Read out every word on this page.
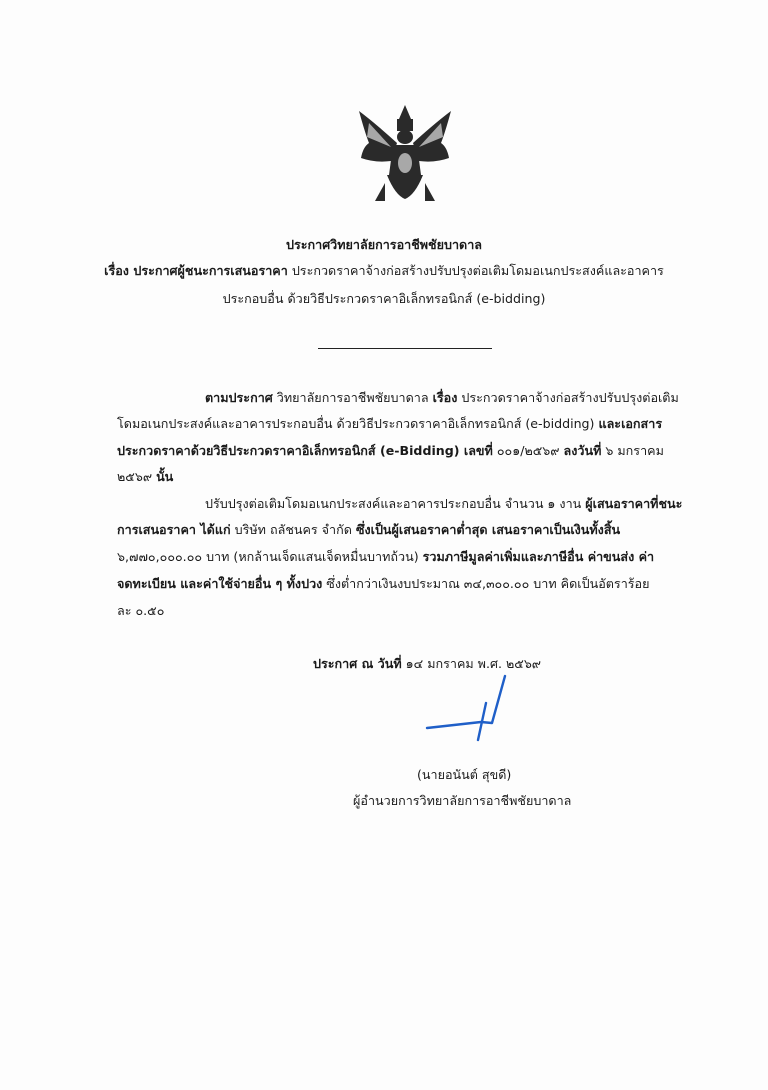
ประกาศวิทยาลัยการอาชีพชัยบาดาล
เรื่อง ประกาศผู้ชนะการเสนอราคา ประกวดราคาจ้างก่อสร้างปรับปรุงต่อเติมโดมอเนกประสงค์และอาคาร
ประกอบอื่น ด้วยวิธีประกวดราคาอิเล็กทรอนิกส์ (e-bidding)
ตามประกาศ วิทยาลัยการอาชีพชัยบาดาล เรื่อง ประกวดราคาจ้างก่อสร้างปรับปรุงต่อเติม
โดมอเนกประสงค์และอาคารประกอบอื่น ด้วยวิธีประกวดราคาอิเล็กทรอนิกส์ (e-bidding) และเอกสาร
ประกวดราคาด้วยวิธีประกวดราคาอิเล็กทรอนิกส์ (e-Bidding) เลขที่ ๐๐๑/๒๕๖๙ ลงวันที่ ๖ มกราคม
๒๕๖๙ นั้น
ปรับปรุงต่อเติมโดมอเนกประสงค์และอาคารประกอบอื่น จำนวน ๑ งาน ผู้เสนอราคาที่ชนะ
การเสนอราคา ได้แก่ บริษัท ถลัชนคร จำกัด ซึ่งเป็นผู้เสนอราคาต่ำสุด เสนอราคาเป็นเงินทั้งสิ้น
๖,๗๗๐,๐๐๐.๐๐ บาท (หกล้านเจ็ดแสนเจ็ดหมื่นบาทถ้วน) รวมภาษีมูลค่าเพิ่มและภาษีอื่น ค่าขนส่ง ค่า
จดทะเบียน และค่าใช้จ่ายอื่น ๆ ทั้งปวง ซึ่งต่ำกว่าเงินงบประมาณ ๓๔,๓๐๐.๐๐ บาท คิดเป็นอัตราร้อย
ละ ๐.๕๐
ประกาศ ณ วันที่ ๑๔ มกราคม พ.ศ. ๒๕๖๙
(นายอนันต์ สุขดี)
ผู้อำนวยการวิทยาลัยการอาชีพชัยบาดาล
